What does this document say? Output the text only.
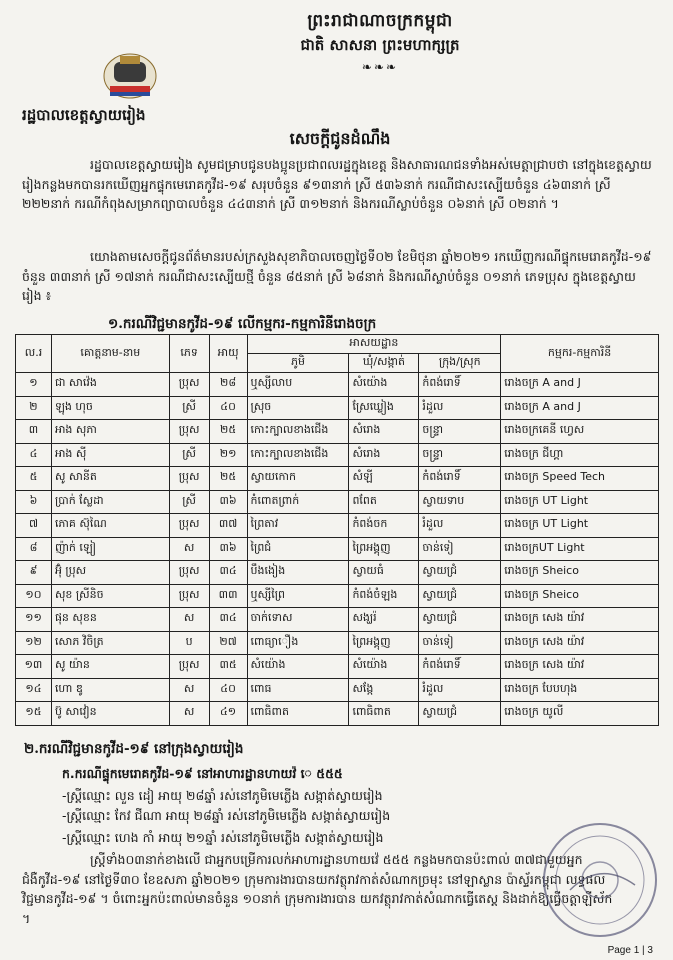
ព្រះរាជាណាចក្រកម្ពុជា
ជាតិ សាសនា ព្រះមហាក្សត្រ
❧❧❧
រដ្ឋបាលខេត្តស្វាយរៀង
សេចក្តីជូនដំណឹង
រដ្ឋបាលខេត្តស្វាយរៀង សូមជម្រាបជូនបងប្អូនប្រជាពលរដ្ឋក្នុងខេត្ត និងសាធារណជនទាំងអស់មេត្តាជ្រាបថា នៅក្នុងខេត្តស្វាយរៀងកន្លងមកបានរកឃើញអ្នកផ្ទុកមេរោគកូវីដ-១៩ សរុបចំនួន ៩១៣នាក់ ស្រី ៥៣៦នាក់ ករណីជាសះស្បើយចំនួន ៤៦៣នាក់ ស្រី ២២២នាក់ ករណីកំពុងសម្រាកព្យាបាលចំនួន ៤៤៣នាក់ ស្រី ៣១២នាក់ និងករណីស្លាប់ចំនួន ០៦នាក់ ស្រី ០២នាក់ ។
យោងតាមសេចក្តីជូនព័ត៌មានរបស់ក្រសួងសុខាភិបាលចេញថ្ងៃទី០២ ខែមិថុនា ឆ្នាំ២០២១ រកឃើញករណីផ្ទុកមេរោគកូវីដ-១៩ ចំនួន ៣៣នាក់ ស្រី ១៧នាក់ ករណីជាសះស្បើយថ្មី ចំនួន ៨៥នាក់ ស្រី ៦៨នាក់ និងករណីស្លាប់ចំនួន ០១នាក់ ភេទប្រុស ក្នុងខេត្តស្វាយរៀង ៖
១.ករណីវិជ្ជមានកូវីដ-១៩ លើកម្មករ-កម្មការិនីរោងចក្រ
ល.រ	គោត្តនាម-នាម	ភេទ	អាយុ	អាសយដ្ឋាន			កម្មករ-កម្មការិនី
				ភូមិ	ឃុំ/សង្កាត់	ក្រុង/ស្រុក	
១	ជា សាវ៉េង	ប្រុស	២៨	ឬស្សីលាប	សំយ៉ោង	កំពង់រោទិ៍	រោងចក្រ A and J
២	ឡុង ហុច	ស្រី	៤០	ស្រុច	ស្រែឃ្លៀង	រំដួល	រោងចក្រ A and J
៣	អាង សុភា	ប្រុស	២៥	កោះក្បាលខាងជើង	សំរោង	ចន្ទ្រា	រោងចក្រគេនី ហ្វេស
៤	អាង ស៊ី	ស្រី	២១	កោះក្បាលខាងជើង	សំរោង	ចន្ទ្រា	រោងចក្រ ជីហ្គា
៥	សូ សានីត	ប្រុស	២៥	ស្វាយកោក	សំឡី	កំពង់រោទិ៍	រោងចក្រ Speed Tech
៦	ប្រាក់ ស្លែដា	ស្រី	៣៦	កំពោតព្រាក់	ពពែត	ស្វាយទាប	រោងចក្រ UT Light
៧	ភោគ ស៊ុណៃ	ប្រុស	៣៧	ព្រៃតាវ	កំពង់ចក	រំដួល	រោងចក្រ UT Light
៨	ញ៉ាក់ ឡៀ	ស	៣៦	ព្រៃជំ	ព្រៃអង្គុញ	ចាន់ទៀ	រោងចក្រUT Light
៩	អ៊ុំ ប្រុស	ប្រុស	៣៤	បឹងងៀង	ស្វាយធំ	ស្វាយជ្រំ	រោងចក្រ Sheico
១០	សុខ ស្រីនិច	ប្រុស	៣៣	ឬស្សីព្រៃ	កំពង់ចំឡង	ស្វាយជ្រំ	រោងចក្រ Sheico
១១	ផុន សុខន	ស	៣៤	ចាក់ទោស	សង្ឃរ៉	ស្វាយជ្រំ	រោងចក្រ សេង យ៉ាវ
១២	សោភ វិចិត្រ	ប	២៧	ពោធ្យាឿង	ព្រៃអង្គុញ	ចាន់ទៀ	រោងចក្រ សេង យ៉ាវ
១៣	សូ យ៉ាន	ប្រុស	៣៥	សំយ៉ោង	សំយ៉ោង	កំពង់រោទិ៍	រោងចក្រ សេង យ៉ាវ
១៤	ហោ ឌូ	ស	៤០	ពោធ	សង្កែ	រំដួល	រោងចក្រ បែបហុង
១៥	ប៊ូ សាវៀន	ស	៤១	ពោធិពាត	ពោធិពាត	ស្វាយជ្រំ	រោងចក្រ យូលី
២.ករណីវិជ្ជមានកូវីដ-១៩ នៅក្រុងស្វាយរៀង
ក.ករណីផ្ទុកមេរោគកូវីដ-១៩ នៅអាហារដ្ឋានហាយវ៉ េ ៥៥៥
-ស្ត្រីឈ្មោះ លួន ដៀ អាយុ ២៨ឆ្នាំ រស់នៅភូមិមេភ្លើង សង្កាត់ស្វាយរៀង
-ស្ត្រីឈ្មោះ កែវ ជីណា អាយុ ២៨ឆ្នាំ រស់នៅភូមិមេភ្លើង សង្កាត់ស្វាយរៀង
-ស្ត្រីឈ្មោះ ហេង កាំ អាយុ ២១ឆ្នាំ រស់នៅភូមិមេភ្លើង សង្កាត់ស្វាយរៀង
ស្ត្រីទាំង០៣នាក់ខាងលើ ជាអ្នកបម្រើការលក់អាហារដ្ឋានហាយវ៉េ ៥៥៥ កន្លងមកបានប៉ះពាល់ ៣៧ជាមួយអ្នកជំងឺកូវីដ-១៩ នៅថ្ងៃទី៣០ ខែឧសភា ឆ្នាំ២០២១ ក្រុមការងារបានយកវត្ថុរាវកាត់សំណាកច្រមុះ នៅឡាស្លាន ប៉ាស្ទ័រកម្ពុជា លទ្ធផលវិជ្ជមានកូវីដ-១៩ ។ ចំពោះអ្នកប៉ះពាល់មានចំនួន ១០នាក់ ក្រុមការងារបាន យកវត្ថុរាវកាត់សំណាកធ្វើតេស្ត និងដាក់ឱ្យធ្វើចត្តាឡីស័ក ។
Page 1 | 3
